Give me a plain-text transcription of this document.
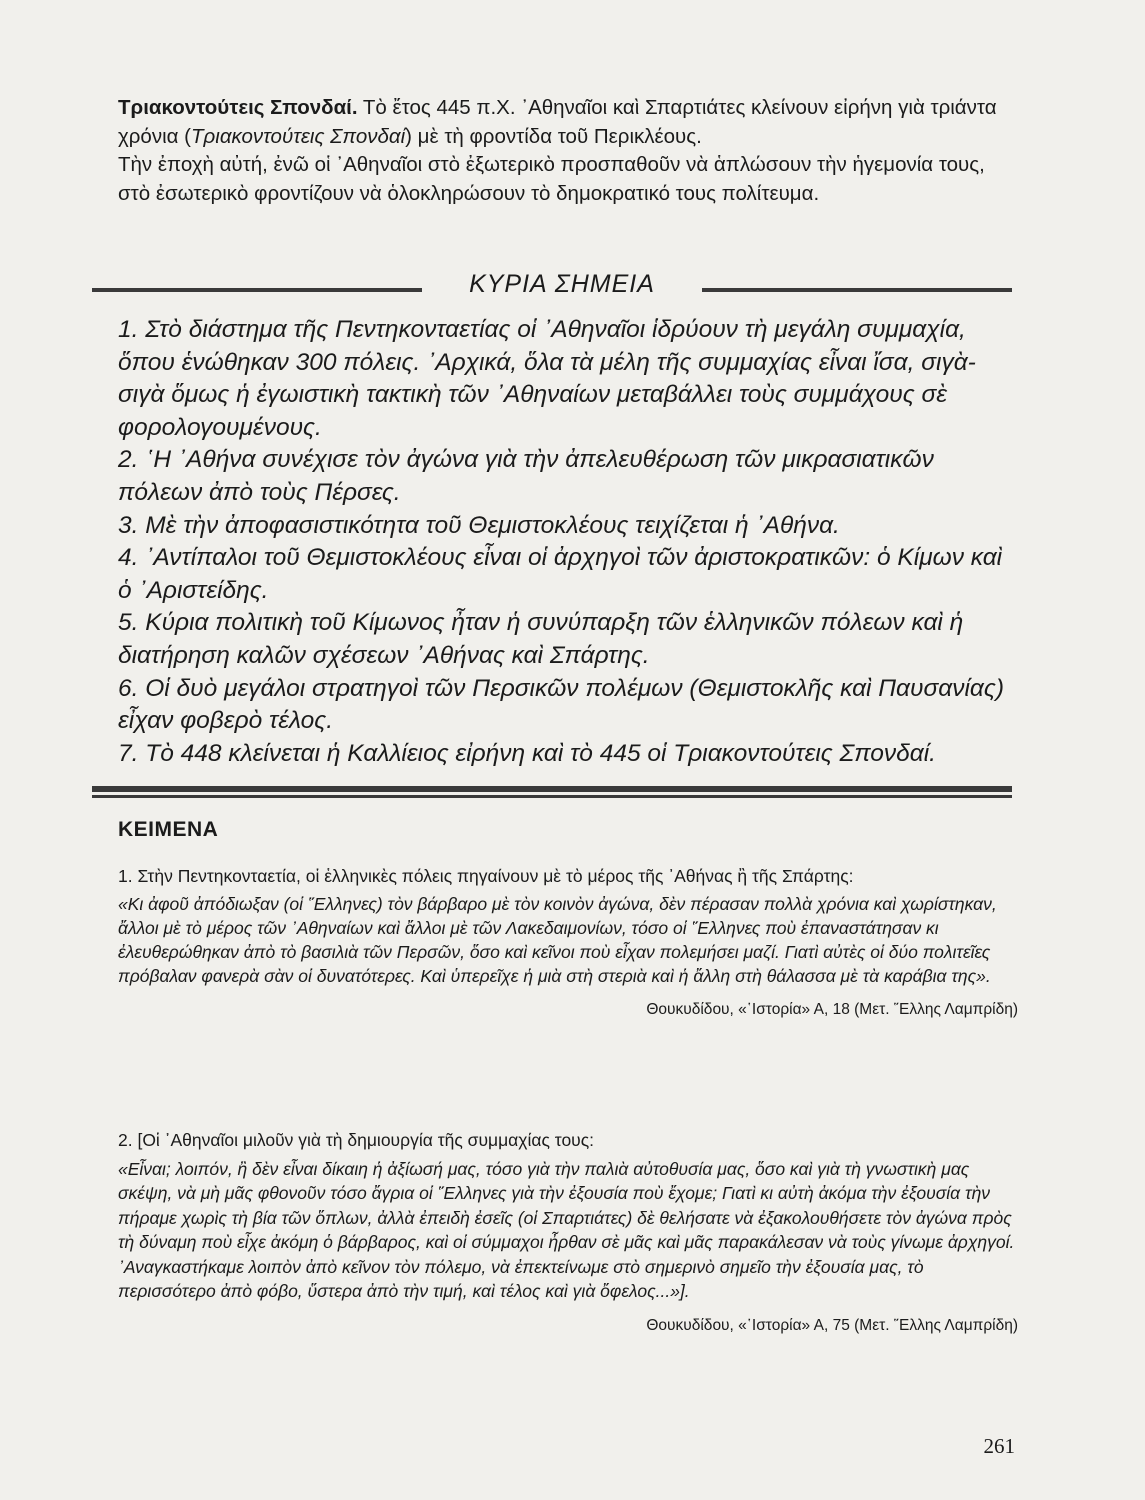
Τριακοντούτεις Σπονδαί. Τὸ ἔτος 445 π.Χ. ᾿Αθηναῖοι καὶ Σπαρτιάτες κλείνουν εἰρήνη γιὰ τριάντα χρόνια (Τριακοντούτεις Σπονδαί) μὲ τὴ φροντίδα τοῦ Περικλέους.

Τὴν ἐποχὴ αὐτή, ἐνῶ οἱ ᾿Αθηναῖοι στὸ ἐξωτερικὸ προσπαθοῦν νὰ ἁπλώσουν τὴν ἡγεμονία τους, στὸ ἐσωτερικὸ φροντίζουν νὰ ὁλοκληρώσουν τὸ δημοκρατικό τους πολίτευμα.

ΚΥΡΙΑ ΣΗΜΕΙΑ

1. Στὸ διάστημα τῆς Πεντηκονταετίας οἱ ᾿Αθηναῖοι ἱδρύουν τὴ μεγάλη συμμαχία, ὅπου ἑνώθηκαν 300 πόλεις. ᾿Αρχικά, ὅλα τὰ μέλη τῆς συμμαχίας εἶναι ἴσα, σιγὰ-σιγὰ ὅμως ἡ ἐγωιστικὴ τακτικὴ τῶν ᾿Αθηναίων μεταβάλλει τοὺς συμμάχους σὲ φορολογουμένους.

2. ῾Η ᾿Αθήνα συνέχισε τὸν ἀγώνα γιὰ τὴν ἀπελευθέρωση τῶν μικρασιατικῶν πόλεων ἀπὸ τοὺς Πέρσες.

3. Μὲ τὴν ἀποφασιστικότητα τοῦ Θεμιστοκλέους τειχίζεται ἡ ᾿Αθήνα.

4. ᾿Αντίπαλοι τοῦ Θεμιστοκλέους εἶναι οἱ ἀρχηγοὶ τῶν ἀριστοκρατικῶν: ὁ Κίμων καὶ ὁ ᾿Αριστείδης.

5. Κύρια πολιτικὴ τοῦ Κίμωνος ἦταν ἡ συνύπαρξη τῶν ἑλληνικῶν πόλεων καὶ ἡ διατήρηση καλῶν σχέσεων ᾿Αθήνας καὶ Σπάρτης.

6. Οἱ δυὸ μεγάλοι στρατηγοὶ τῶν Περσικῶν πολέμων (Θεμιστοκλῆς καὶ Παυσανίας) εἶχαν φοβερὸ τέλος.

7. Τὸ 448 κλείνεται ἡ Καλλίειος εἰρήνη καὶ τὸ 445 οἱ Τριακοντούτεις Σπονδαί.

ΚΕΙΜΕΝΑ

1. Στὴν Πεντηκονταετία, οἱ ἑλληνικὲς πόλεις πηγαίνουν μὲ τὸ μέρος τῆς ᾿Αθήνας ἢ τῆς Σπάρτης:

«Κι ἀφοῦ ἀπόδιωξαν (οἱ ῞Ελληνες) τὸν βάρβαρο μὲ τὸν κοινὸν ἀγώνα, δὲν πέρασαν πολλὰ χρόνια καὶ χωρίστηκαν, ἄλλοι μὲ τὸ μέρος τῶν ᾿Αθηναίων καὶ ἄλλοι μὲ τῶν Λακεδαιμονίων, τόσο οἱ ῞Ελληνες ποὺ ἐπαναστάτησαν κι ἐλευθερώθηκαν ἀπὸ τὸ βασιλιὰ τῶν Περσῶν, ὅσο καὶ κεῖνοι ποὺ εἶχαν πολεμήσει μαζί. Γιατὶ αὐτὲς οἱ δύο πολιτεῖες πρόβαλαν φανερὰ σὰν οἱ δυνατότερες. Καὶ ὑπερεῖχε ἡ μιὰ στὴ στεριὰ καὶ ἡ ἄλλη στὴ θάλασσα μὲ τὰ καράβια της».

Θουκυδίδου, «῾Ιστορία» Α, 18 (Μετ. ῞Ελλης Λαμπρίδη)

2. [Οἱ ᾿Αθηναῖοι μιλοῦν γιὰ τὴ δημιουργία τῆς συμμαχίας τους:

«Εἶναι; λοιπόν, ἢ δὲν εἶναι δίκαιη ἡ ἀξίωσή μας, τόσο γιὰ τὴν παλιὰ αὐτοθυσία μας, ὅσο καὶ γιὰ τὴ γνωστικὴ μας σκέψη, νὰ μὴ μᾶς φθονοῦν τόσο ἄγρια οἱ ῞Ελληνες γιὰ τὴν ἐξουσία ποὺ ἔχομε; Γιατὶ κι αὐτὴ ἀκόμα τὴν ἐξουσία τὴν πήραμε χωρὶς τὴ βία τῶν ὅπλων, ἀλλὰ ἐπειδὴ ἐσεῖς (οἱ Σπαρτιάτες) δὲ θελήσατε νὰ ἐξακολουθήσετε τὸν ἀγώνα πρὸς τὴ δύναμη ποὺ εἶχε ἀκόμη ὁ βάρβαρος, καὶ οἱ σύμμαχοι ἦρθαν σὲ μᾶς καὶ μᾶς παρακάλεσαν νὰ τοὺς γίνωμε ἀρχηγοί. ᾿Αναγκαστήκαμε λοιπὸν ἀπὸ κεῖνον τὸν πόλεμο, νὰ ἐπεκτείνωμε στὸ σημερινὸ σημεῖο τὴν ἐξουσία μας, τὸ περισσότερο ἀπὸ φόβο, ὕστερα ἀπὸ τὴν τιμή, καὶ τέλος καὶ γιὰ ὄφελος...»].

Θουκυδίδου, «῾Ιστορία» Α, 75 (Μετ. ῞Ελλης Λαμπρίδη)

261
